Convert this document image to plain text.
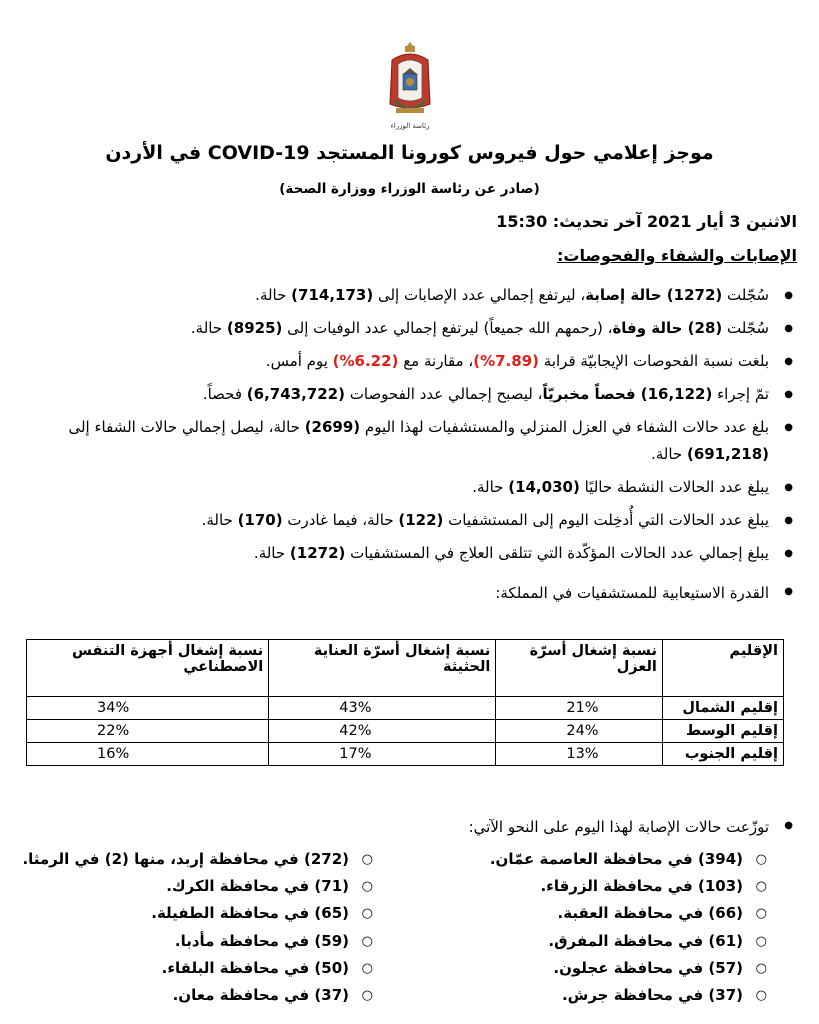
رئاسة الوزراء
موجز إعلامي حول فيروس كورونا المستجد COVID-19 في الأردن
(صادر عن رئاسة الوزراء ووزارة الصحة)
الاثنين 3 أيار 2021 آخر تحديث: 15:30
الإصابات والشفاء والفحوصات:
● سُجّلت (1272) حالة إصابة، ليرتفع إجمالي عدد الإصابات إلى (714,173) حالة.
● سُجّلت (28) حالة وفاة، (رحمهم الله جميعاً) ليرتفع إجمالي عدد الوفيات إلى (8925) حالة.
● بلغت نسبة الفحوصات الإيجابيّة قرابة (7.89%)، مقارنة مع (6.22%) يوم أمس.
● تمّ إجراء (16,122) فحصاً مخبريّاً، ليصبح إجمالي عدد الفحوصات (6,743,722) فحصاً.
● بلغ عدد حالات الشفاء في العزل المنزلي والمستشفيات لهذا اليوم (2699) حالة، ليصل إجمالي حالات الشفاء إلى (691,218) حالة.
● يبلغ عدد الحالات النشطة حاليًا (14,030) حالة.
● يبلغ عدد الحالات التي أُدخِلت اليوم إلى المستشفيات (122) حالة، فيما غادرت (170) حالة.
● يبلغ إجمالي عدد الحالات المؤكّدة التي تتلقى العلاج في المستشفيات (1272) حالة.
● القدرة الاستيعابية للمستشفيات في المملكة:
الإقليم	نسبة إشغال أسرّة العزل	نسبة إشغال أسرّة العناية الحثيثة	نسبة إشغال أجهزة التنفس الاصطناعي
إقليم الشمال	21%	43%	34%
إقليم الوسط	24%	42%	22%
إقليم الجنوب	13%	17%	16%
● توزّعت حالات الإصابة لهذا اليوم على النحو الآتي:
○ (394) في محافظة العاصمة عمّان.
○ (103) في محافظة الزرقاء.
○ (66) في محافظة العقبة.
○ (61) في محافظة المفرق.
○ (57) في محافظة عجلون.
○ (37) في محافظة جرش.
○ (272) في محافظة إربد، منها (2) في الرمثا.
○ (71) في محافظة الكرك.
○ (65) في محافظة الطفيلة.
○ (59) في محافظة مأدبا.
○ (50) في محافظة البلقاء.
○ (37) في محافظة معان.
